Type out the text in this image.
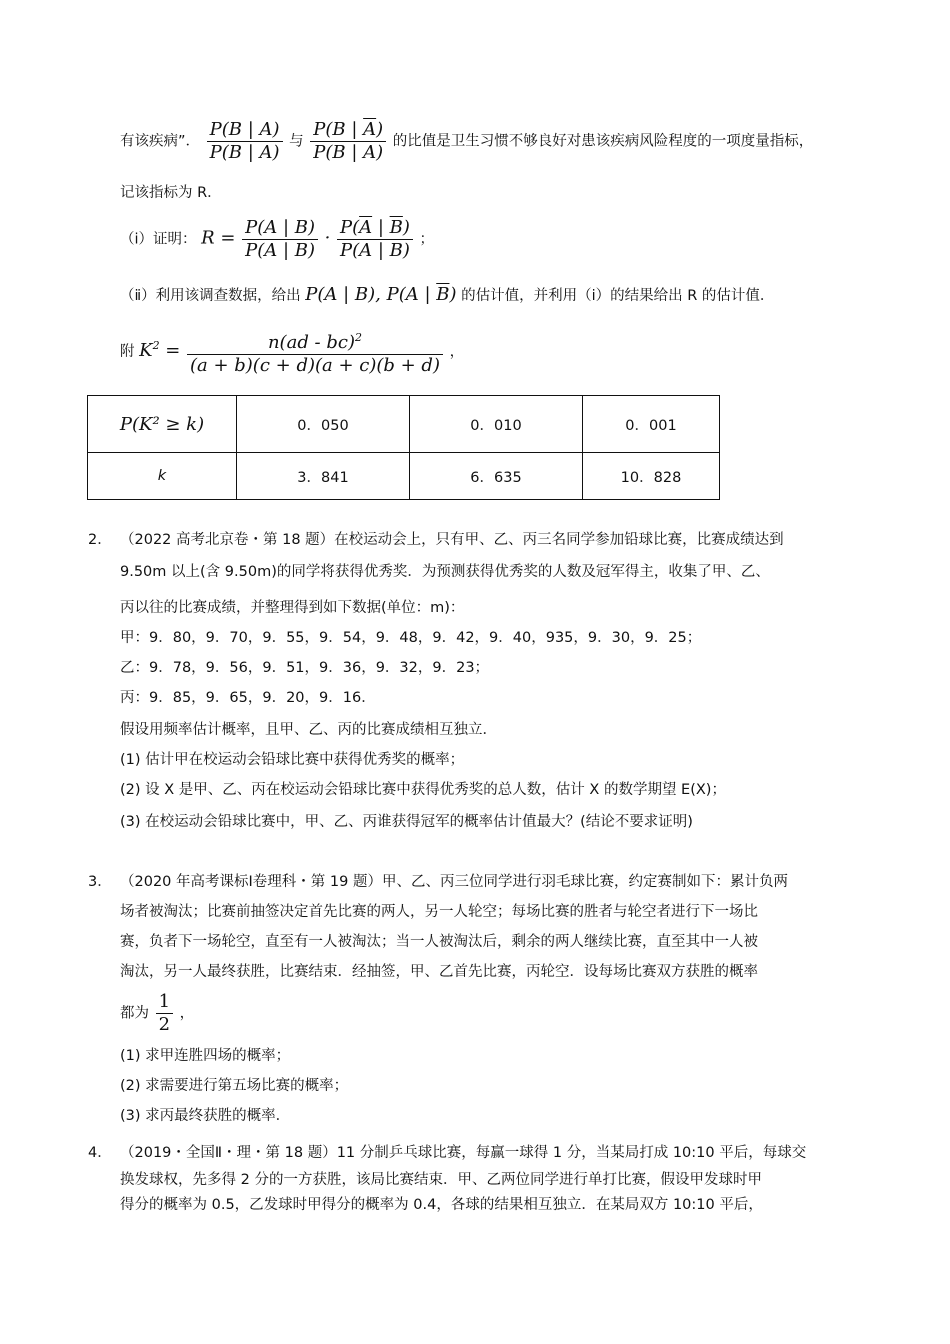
有该疾病”． $\frac{P(B | A)}{P(\overline{B} | A)}$ 与 $\frac{P(B | \overline{A})}{P(\overline{B} | \overline{A})}$ 的比值是卫生习惯不够良好对患该疾病风险程度的一项度量指标，
记该指标为 R．
（ⅰ）证明： $R = \frac{P(A | B)}{P(\overline{A} | B)} \cdot \frac{P(\overline{A} | \overline{B})}{P(A | \overline{B})}$ ；
（ⅱ）利用该调查数据，给出 P(A | B), P(A | $\overline{B}$) 的估计值，并利用（ⅰ）的结果给出 R 的估计值．
附 $K^2 = \frac{n(ad - bc)^2}{(a + b)(c + d)(a + c)(b + d)}$ ，
P(K² ≥ k)	0．050	0．010	0．001
k	3．841	6．635	10．828
2． （2022 高考北京卷・第 18 题）在校运动会上，只有甲、乙、丙三名同学参加铅球比赛，比赛成绩达到
9.50m 以上(含 9.50m)的同学将获得优秀奖．为预测获得优秀奖的人数及冠军得主，收集了甲、乙、
丙以往的比赛成绩，并整理得到如下数据(单位：m)：
甲：9．80，9．70，9．55，9．54，9．48，9．42，9．40，935，9．30，9．25；
乙：9．78，9．56，9．51，9．36，9．32，9．23；
丙：9．85，9．65，9．20，9．16．
假设用频率估计概率，且甲、乙、丙的比赛成绩相互独立．
(1) 估计甲在校运动会铅球比赛中获得优秀奖的概率；
(2) 设 X 是甲、乙、丙在校运动会铅球比赛中获得优秀奖的总人数，估计 X 的数学期望 E(X)；
(3) 在校运动会铅球比赛中，甲、乙、丙谁获得冠军的概率估计值最大？(结论不要求证明)
3． （2020 年高考课标Ⅰ卷理科・第 19 题）甲、乙、丙三位同学进行羽毛球比赛，约定赛制如下：累计负两
场者被淘汰；比赛前抽签决定首先比赛的两人，另一人轮空；每场比赛的胜者与轮空者进行下一场比
赛，负者下一场轮空，直至有一人被淘汰；当一人被淘汰后，剩余的两人继续比赛，直至其中一人被
淘汰，另一人最终获胜，比赛结束．经抽签，甲、乙首先比赛，丙轮空．设每场比赛双方获胜的概率
都为 $\frac{1}{2}$ ，
(1) 求甲连胜四场的概率；
(2) 求需要进行第五场比赛的概率；
(3) 求丙最终获胜的概率．
4． （2019・全国Ⅱ・理・第 18 题）11 分制乒乓球比赛，每赢一球得 1 分，当某局打成 10:10 平后，每球交
换发球权，先多得 2 分的一方获胜，该局比赛结束．甲、乙两位同学进行单打比赛，假设甲发球时甲
得分的概率为 0.5，乙发球时甲得分的概率为 0.4，各球的结果相互独立．在某局双方 10:10 平后，
